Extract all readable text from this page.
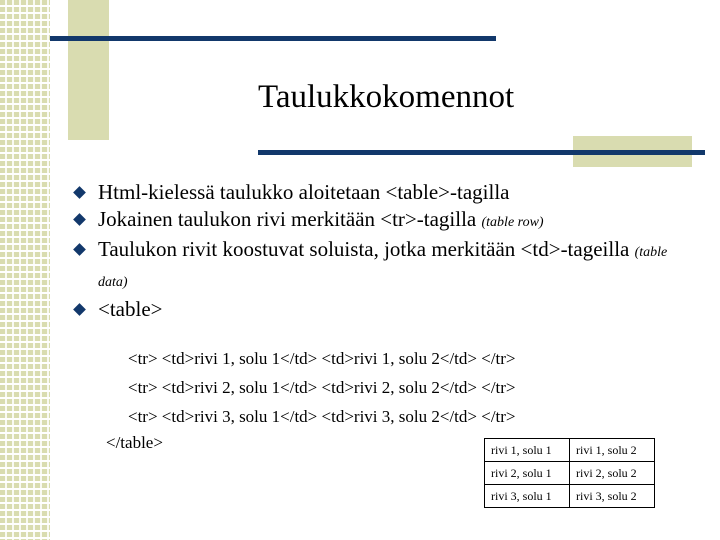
Taulukkokomennot
Html-kielessä taulukko aloitetaan <table>-tagilla
Jokainen taulukon rivi merkitään <tr>-tagilla (table row)
Taulukon rivit koostuvat soluista, jotka merkitään <td>-tageilla (table data)
<table>
<tr> <td>rivi 1, solu 1</td> <td>rivi 1, solu 2</td> </tr>
<tr> <td>rivi 2, solu 1</td> <td>rivi 2, solu 2</td> </tr>
<tr> <td>rivi 3, solu 1</td> <td>rivi 3, solu 2</td> </tr>
</table>	rivi 1, solu 1	rivi 1, solu 2
rivi 2, solu 1	rivi 2, solu 2
rivi 3, solu 1	rivi 3, solu 2
